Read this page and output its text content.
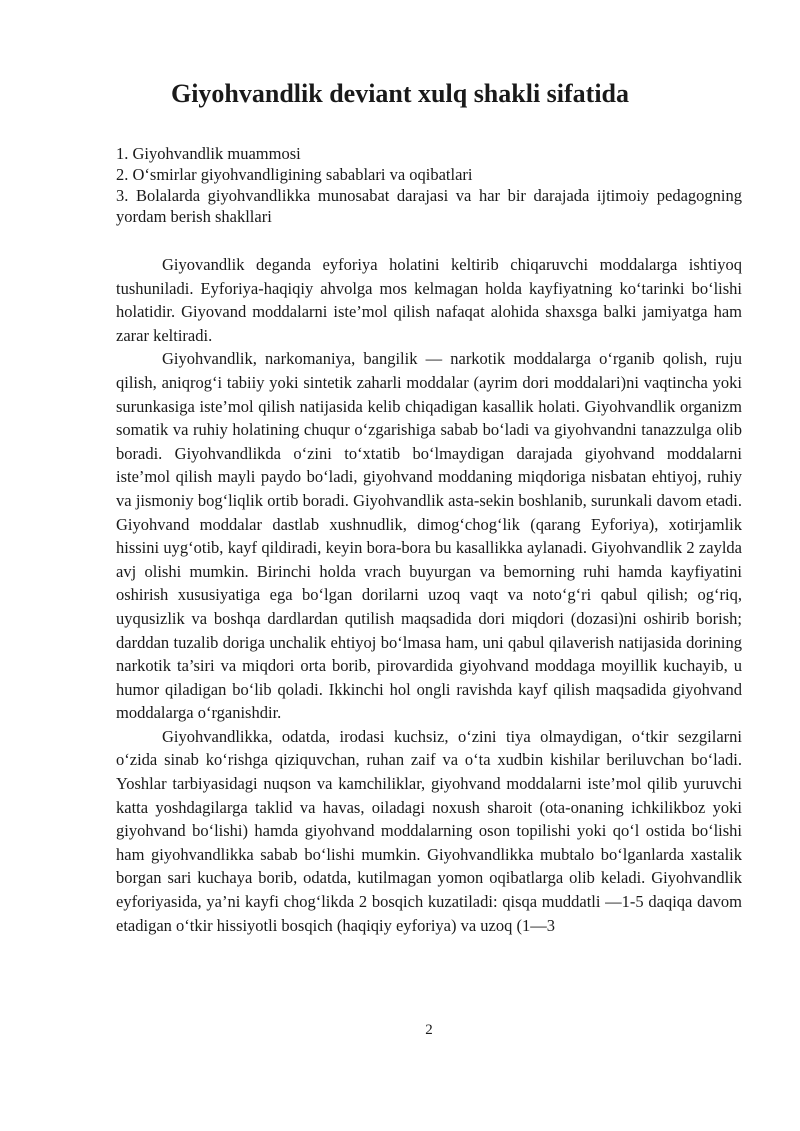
Giyohvandlik deviant xulq shakli sifatida
1. Giyohvandlik muammosi
2. O‘smirlar giyohvandligining sabablari va oqibatlari
3. Bolalarda giyohvandlikka munosabat darajasi va har bir darajada ijtimoiy pedagogning yordam berish shakllari

Giyovandlik deganda eyforiya holatini keltirib chiqaruvchi moddalarga ishtiyoq tushuniladi. Eyforiya-haqiqiy ahvolga mos kelmagan holda kayfiyatning ko‘tarinki bo‘lishi holatidir. Giyovand moddalarni iste’mol qilish nafaqat alohida shaxsga balki jamiyatga ham zarar keltiradi.

Giyohvandlik, narkomaniya, bangilik — narkotik moddalarga o‘rganib qolish, ruju qilish, aniqrog‘i tabiiy yoki sintetik zaharli moddalar (ayrim dori moddalari)ni vaqtincha yoki surunkasiga iste’mol qilish natijasida kelib chiqadigan kasallik holati. Giyohvandlik organizm somatik va ruhiy holatining chuqur o‘zgarishiga sabab bo‘ladi va giyohvandni tanazzulga olib boradi. Giyohvandlikda o‘zini to‘xtatib bo‘lmaydigan darajada giyohvand moddalarni iste’mol qilish mayli paydo bo‘ladi, giyohvand moddaning miqdoriga nisbatan ehtiyoj, ruhiy va jismoniy bog‘liqlik ortib boradi. Giyohvandlik asta-sekin boshlanib, surunkali davom etadi. Giyohvand moddalar dastlab xushnudlik, dimog‘chog‘lik (qarang Eyforiya), xotirjamlik hissini uyg‘otib, kayf qildiradi, keyin bora-bora bu kasallikka aylanadi. Giyohvandlik 2 zaylda avj olishi mumkin. Birinchi holda vrach buyurgan va bemorning ruhi hamda kayfiyatini oshirish xususiyatiga ega bo‘lgan dorilarni uzoq vaqt va noto‘g‘ri qabul qilish; og‘riq, uyqusizlik va boshqa dardlardan qutilish maqsadida dori miqdori (dozasi)ni oshirib borish; darddan tuzalib doriga unchalik ehtiyoj bo‘lmasa ham, uni qabul qilaverish natijasida dorining narkotik ta’siri va miqdori orta borib, pirovardida giyohvand moddaga moyillik kuchayib, u humor qiladigan bo‘lib qoladi. Ikkinchi hol ongli ravishda kayf qilish maqsadida giyohvand moddalarga o‘rganishdir.

Giyohvandlikka, odatda, irodasi kuchsiz, o‘zini tiya olmaydigan, o‘tkir sezgilarni o‘zida sinab ko‘rishga qiziquvchan, ruhan zaif va o‘ta xudbin kishilar beriluvchan bo‘ladi. Yoshlar tarbiyasidagi nuqson va kamchiliklar, giyohvand moddalarni iste’mol qilib yuruvchi katta yoshdagilarga taklid va havas, oiladagi noxush sharoit (ota-onaning ichkilikboz yoki giyohvand bo‘lishi) hamda giyohvand moddalarning oson topilishi yoki qo‘l ostida bo‘lishi ham giyohvandlikka sabab bo‘lishi mumkin. Giyohvandlikka mubtalo bo‘lganlarda xastalik borgan sari kuchaya borib, odatda, kutilmagan yomon oqibatlarga olib keladi. Giyohvandlik eyforiyasida, ya’ni kayfi chog‘likda 2 bosqich kuzatiladi: qisqa muddatli —1-5 daqiqa davom etadigan o‘tkir hissiyotli bosqich (haqiqiy eyforiya) va uzoq (1—3

2
